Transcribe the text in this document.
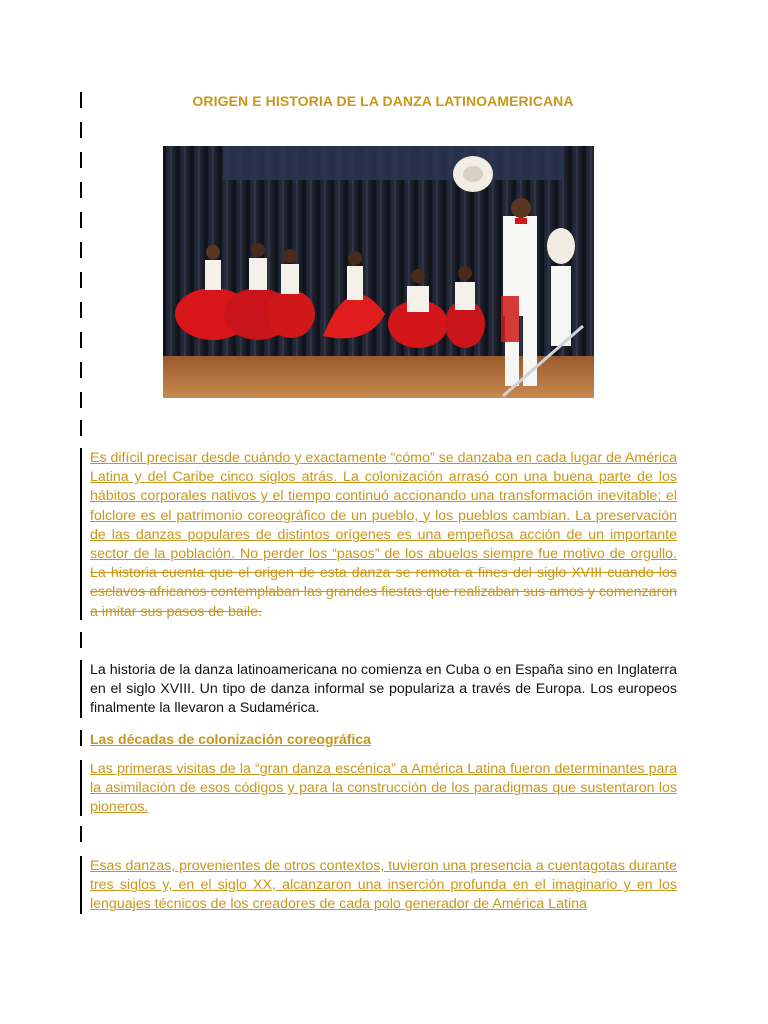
ORIGEN E HISTORIA DE LA DANZA LATINOAMERICANA

Es difícil precisar desde cuándo y exactamente “cómo” se danzaba en cada lugar de América Latina y del Caribe cinco siglos atrás. La colonización arrasó con una buena parte de los hábitos corporales nativos y el tiempo continuó accionando una transformación inevitable; el folclore es el patrimonio coreográfico de un pueblo, y los pueblos cambian. La preservación de las danzas populares de distintos orígenes es una empeñosa acción de un importante sector de la población. No perder los “pasos” de los abuelos siempre fue motivo de orgullo. La historia cuenta que el origen de esta danza se remota a fines del siglo XVIII cuando los esclavos africanos contemplaban las grandes fiestas que realizaban sus amos y comenzaron a imitar sus pasos de baile.

La historia de la danza latinoamericana no comienza en Cuba o en España sino en Inglaterra en el siglo XVIII. Un tipo de danza informal se populariza a través de Europa. Los europeos finalmente la llevaron a Sudamérica.

Las décadas de colonización coreográfica

Las primeras visitas de la “gran danza escénica” a América Latina fueron determinantes para la asimilación de esos códigos y para la construcción de los paradigmas que sustentaron los pioneros.

Esas danzas, provenientes de otros contextos, tuvieron una presencia a cuentagotas durante tres siglos y, en el siglo XX, alcanzaron una inserción profunda en el imaginario y en los lenguajes técnicos de los creadores de cada polo generador de América Latina
